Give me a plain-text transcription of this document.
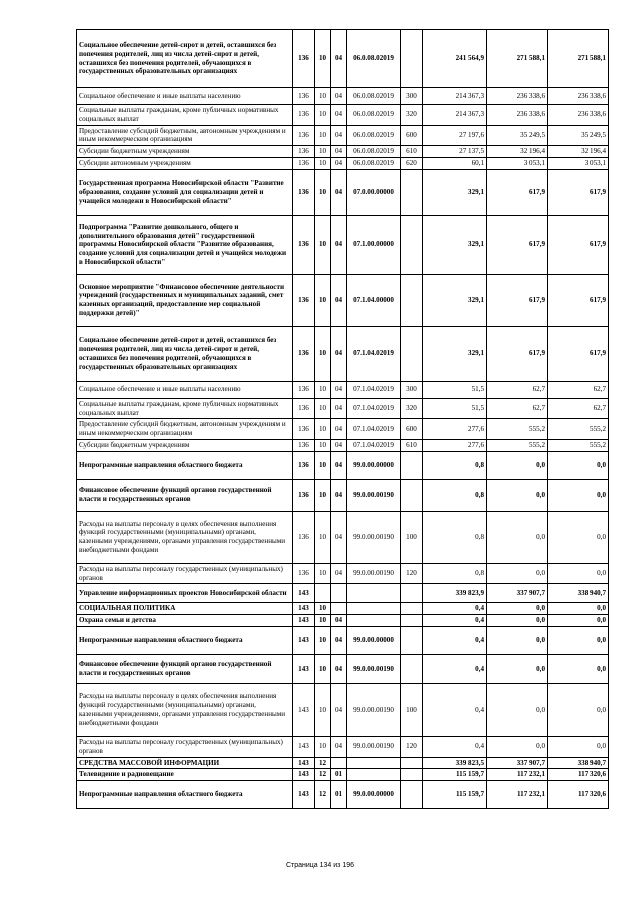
Социальное обеспечение детей-сирот и детей, оставшихся без попечения родителей, лиц из числа детей-сирот и детей, оставшихся без попечения родителей, обучающихся в государственных образовательных организациях	136	10	04	06.0.08.02019		241 564,9	271 588,1	271 588,1
Социальное обеспечение и иные выплаты населению	136	10	04	06.0.08.02019	300	214 367,3	236 338,6	236 338,6
Социальные выплаты гражданам, кроме публичных нормативных социальных выплат	136	10	04	06.0.08.02019	320	214 367,3	236 338,6	236 338,6
Предоставление субсидий бюджетным, автономным учреждениям и иным некоммерческим организациям	136	10	04	06.0.08.02019	600	27 197,6	35 249,5	35 249,5
Субсидии бюджетным учреждениям	136	10	04	06.0.08.02019	610	27 137,5	32 196,4	32 196,4
Субсидии автономным учреждениям	136	10	04	06.0.08.02019	620	60,1	3 053,1	3 053,1
Государственная программа Новосибирской области "Развитие образования, создание условий для социализации детей и учащейся молодежи в Новосибирской области"	136	10	04	07.0.00.00000		329,1	617,9	617,9
Подпрограмма "Развитие дошкольного, общего и дополнительного образования детей" государственной программы Новосибирской области "Развитие образования, создание условий для социализации детей и учащейся молодежи в Новосибирской области"	136	10	04	07.1.00.00000		329,1	617,9	617,9
Основное мероприятие "Финансовое обеспечение деятельности учреждений (государственных и муниципальных заданий, смет казенных организаций, предоставление мер социальной поддержки детей)"	136	10	04	07.1.04.00000		329,1	617,9	617,9
Социальное обеспечение детей-сирот и детей, оставшихся без попечения родителей, лиц из числа детей-сирот и детей, оставшихся без попечения родителей, обучающихся в государственных образовательных организациях	136	10	04	07.1.04.02019		329,1	617,9	617,9
Социальное обеспечение и иные выплаты населению	136	10	04	07.1.04.02019	300	51,5	62,7	62,7
Социальные выплаты гражданам, кроме публичных нормативных социальных выплат	136	10	04	07.1.04.02019	320	51,5	62,7	62,7
Предоставление субсидий бюджетным, автономным учреждениям и иным некоммерческим организациям	136	10	04	07.1.04.02019	600	277,6	555,2	555,2
Субсидии бюджетным учреждениям	136	10	04	07.1.04.02019	610	277,6	555,2	555,2
Непрограммные направления областного бюджета	136	10	04	99.0.00.00000		0,8	0,0	0,0
Финансовое обеспечение функций органов государственной власти и государственных органов	136	10	04	99.0.00.00190		0,8	0,0	0,0
Расходы на выплаты персоналу в целях обеспечения выполнения функций государственными (муниципальными) органами, казенными учреждениями, органами управления государственными внебюджетными фондами	136	10	04	99.0.00.00190	100	0,8	0,0	0,0
Расходы на выплаты персоналу государственных (муниципальных) органов	136	10	04	99.0.00.00190	120	0,8	0,0	0,0
Управление информационных проектов Новосибирской области	143					339 823,9	337 907,7	338 940,7
СОЦИАЛЬНАЯ ПОЛИТИКА	143	10				0,4	0,0	0,0
Охрана семьи и детства	143	10	04			0,4	0,0	0,0
Непрограммные направления областного бюджета	143	10	04	99.0.00.00000		0,4	0,0	0,0
Финансовое обеспечение функций органов государственной власти и государственных органов	143	10	04	99.0.00.00190		0,4	0,0	0,0
Расходы на выплаты персоналу в целях обеспечения выполнения функций государственными (муниципальными) органами, казенными учреждениями, органами управления государственными внебюджетными фондами	143	10	04	99.0.00.00190	100	0,4	0,0	0,0
Расходы на выплаты персоналу государственных (муниципальных) органов	143	10	04	99.0.00.00190	120	0,4	0,0	0,0
СРЕДСТВА МАССОВОЙ ИНФОРМАЦИИ	143	12				339 823,5	337 907,7	338 940,7
Телевидение и радиовещание	143	12	01			115 159,7	117 232,1	117 320,6
Непрограммные направления областного бюджета	143	12	01	99.0.00.00000		115 159,7	117 232,1	117 320,6
Страница 134 из 196
